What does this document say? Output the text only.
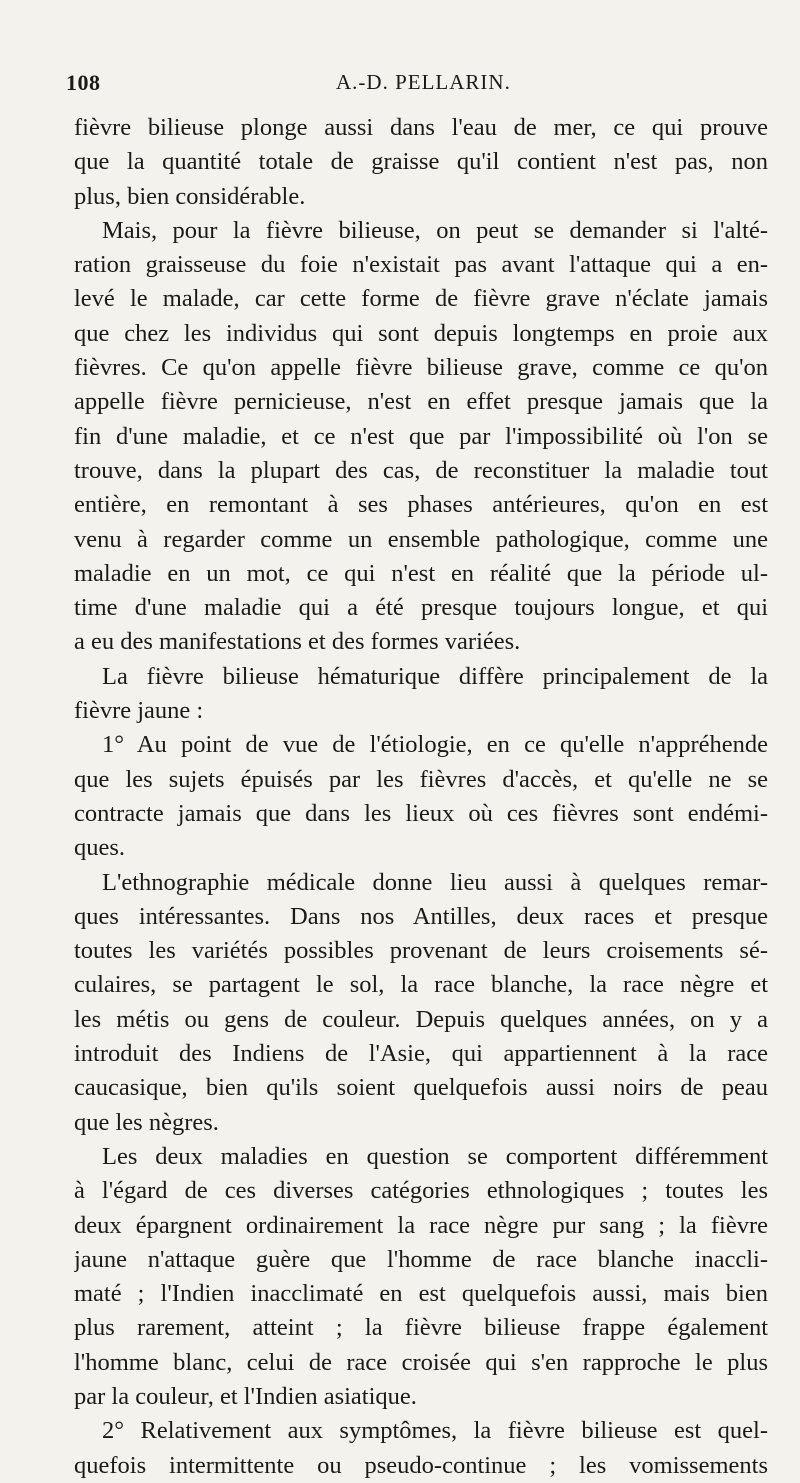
108	A.-D. PELLARIN.
fièvre bilieuse plonge aussi dans l'eau de mer, ce qui prouve
que la quantité totale de graisse qu'il contient n'est pas, non
plus, bien considérable.
Mais, pour la fièvre bilieuse, on peut se demander si l'alté-
ration graisseuse du foie n'existait pas avant l'attaque qui a en-
levé le malade, car cette forme de fièvre grave n'éclate jamais
que chez les individus qui sont depuis longtemps en proie aux
fièvres. Ce qu'on appelle fièvre bilieuse grave, comme ce qu'on
appelle fièvre pernicieuse, n'est en effet presque jamais que la
fin d'une maladie, et ce n'est que par l'impossibilité où l'on se
trouve, dans la plupart des cas, de reconstituer la maladie tout
entière, en remontant à ses phases antérieures, qu'on en est
venu à regarder comme un ensemble pathologique, comme une
maladie en un mot, ce qui n'est en réalité que la période ul-
time d'une maladie qui a été presque toujours longue, et qui
a eu des manifestations et des formes variées.
La fièvre bilieuse hématurique diffère principalement de la
fièvre jaune :
1° Au point de vue de l'étiologie, en ce qu'elle n'appréhende
que les sujets épuisés par les fièvres d'accès, et qu'elle ne se
contracte jamais que dans les lieux où ces fièvres sont endémi-
ques.
L'ethnographie médicale donne lieu aussi à quelques remar-
ques intéressantes. Dans nos Antilles, deux races et presque
toutes les variétés possibles provenant de leurs croisements sé-
culaires, se partagent le sol, la race blanche, la race nègre et
les métis ou gens de couleur. Depuis quelques années, on y a
introduit des Indiens de l'Asie, qui appartiennent à la race
caucasique, bien qu'ils soient quelquefois aussi noirs de peau
que les nègres.
Les deux maladies en question se comportent différemment
à l'égard de ces diverses catégories ethnologiques ; toutes les
deux épargnent ordinairement la race nègre pur sang ; la fièvre
jaune n'attaque guère que l'homme de race blanche inaccli-
maté ; l'Indien inacclimaté en est quelquefois aussi, mais bien
plus rarement, atteint ; la fièvre bilieuse frappe également
l'homme blanc, celui de race croisée qui s'en rapproche le plus
par la couleur, et l'Indien asiatique.
2° Relativement aux symptômes, la fièvre bilieuse est quel-
quefois intermittente ou pseudo-continue ; les vomissements
